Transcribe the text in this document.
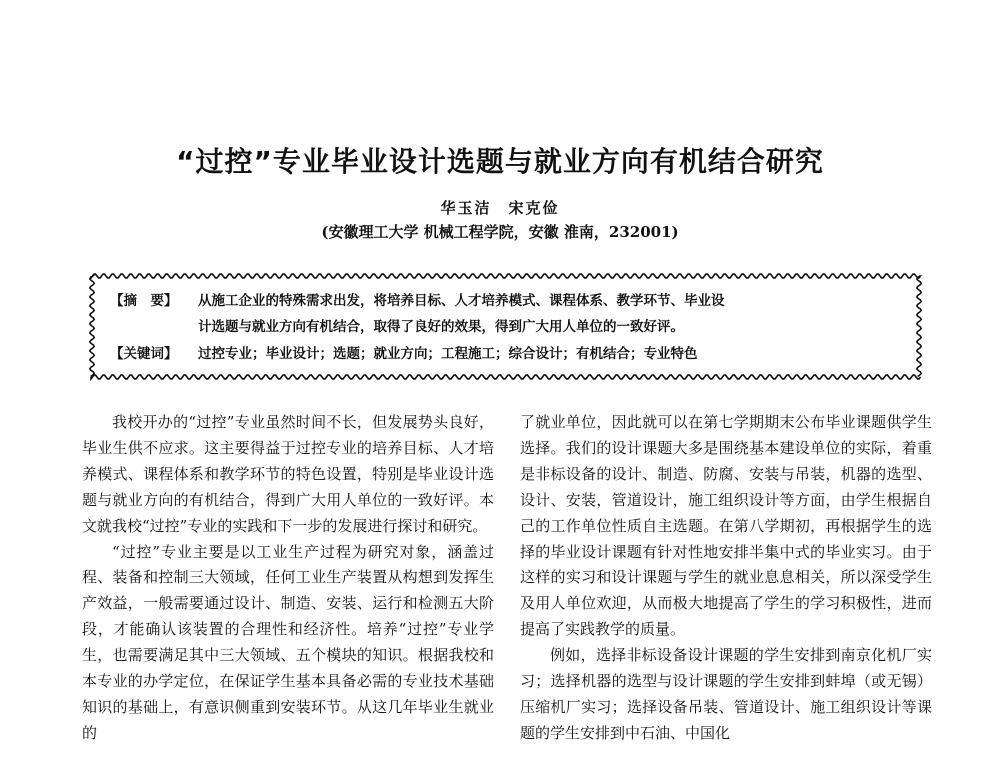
“过控”专业毕业设计选题与就业方向有机结合研究
华玉洁　宋克俭
(安徽理工大学 机械工程学院，安徽 淮南，232001)
【摘　要】 从施工企业的特殊需求出发，将培养目标、人才培养模式、课程体系、教学环节、毕业设
计选题与就业方向有机结合，取得了良好的效果，得到广大用人单位的一致好评。
【关键词】 过控专业；毕业设计；选题；就业方向；工程施工；综合设计；有机结合；专业特色

我校开办的“过控”专业虽然时间不长，但发展势头良好，毕业生供不应求。这主要得益于过控专业的培养目标、人才培养模式、课程体系和教学环节的特色设置，特别是毕业设计选题与就业方向的有机结合，得到广大用人单位的一致好评。本文就我校“过控”专业的实践和下一步的发展进行探讨和研究。

“过控”专业主要是以工业生产过程为研究对象，涵盖过程、装备和控制三大领域，任何工业生产装置从构想到发挥生产效益，一般需要通过设计、制造、安装、运行和检测五大阶段，才能确认该装置的合理性和经济性。培养“过控”专业学生，也需要满足其中三大领域、五个模块的知识。根据我校和本专业的办学定位，在保证学生基本具备必需的专业技术基础知识的基础上，有意识侧重到安装环节。从这几年毕业生就业的

了就业单位，因此就可以在第七学期期末公布毕业课题供学生选择。我们的设计课题大多是围绕基本建设单位的实际，着重是非标设备的设计、制造、防腐、安装与吊装，机器的选型、设计、安装，管道设计，施工组织设计等方面，由学生根据自己的工作单位性质自主选题。在第八学期初，再根据学生的选择的毕业设计课题有针对性地安排半集中式的毕业实习。由于这样的实习和设计课题与学生的就业息息相关，所以深受学生及用人单位欢迎，从而极大地提高了学生的学习积极性，进而提高了实践教学的质量。

例如，选择非标设备设计课题的学生安排到南京化机厂实习；选择机器的选型与设计课题的学生安排到蚌埠（或无锡）压缩机厂实习；选择设备吊装、管道设计、施工组织设计等课题的学生安排到中石油、中国化
